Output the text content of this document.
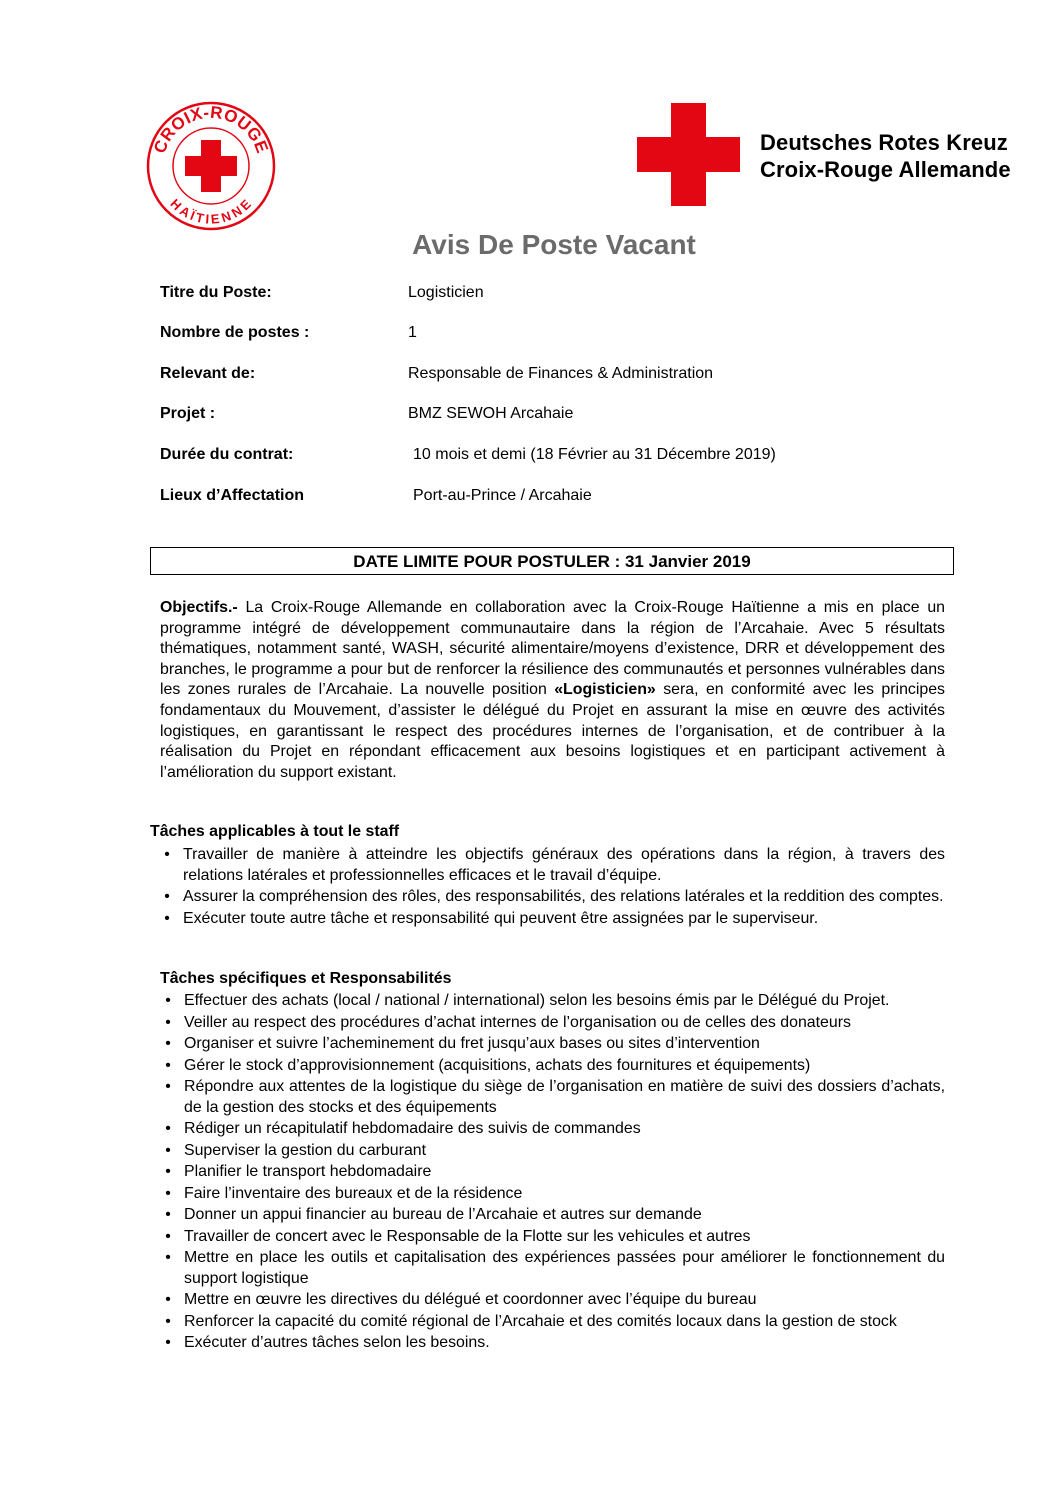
CROIX-ROUGE
HAÏTIENNE
Deutsches Rotes Kreuz
Croix-Rouge Allemande
Avis De Poste Vacant
Titre du Poste:	Logisticien
Nombre de postes :	1
Relevant de:	Responsable de Finances & Administration
Projet :	BMZ SEWOH Arcahaie
Durée du contrat:	10 mois et demi (18 Février au 31 Décembre 2019)
Lieux d’Affectation	Port-au-Prince / Arcahaie
DATE LIMITE POUR POSTULER : 31 Janvier 2019
Objectifs.- La Croix-Rouge Allemande en collaboration avec la Croix-Rouge Haïtienne a mis en place un programme intégré de développement communautaire dans la région de l’Arcahaie. Avec 5 résultats thématiques, notamment santé, WASH, sécurité alimentaire/moyens d’existence, DRR et développement des branches, le programme a pour but de renforcer la résilience des communautés et personnes vulnérables dans les zones rurales de l’Arcahaie. La nouvelle position «Logisticien» sera, en conformité avec les principes fondamentaux du Mouvement, d’assister le délégué du Projet en assurant la mise en œuvre des activités logistiques, en garantissant le respect des procédures internes de l’organisation, et de contribuer à la réalisation du Projet en répondant efficacement aux besoins logistiques et en participant activement à l’amélioration du support existant.
Tâches applicables à tout le staff
• Travailler de manière à atteindre les objectifs généraux des opérations dans la région, à travers des relations latérales et professionnelles efficaces et le travail d’équipe.
• Assurer la compréhension des rôles, des responsabilités, des relations latérales et la reddition des comptes.
• Exécuter toute autre tâche et responsabilité qui peuvent être assignées par le superviseur.
Tâches spécifiques et Responsabilités
• Effectuer des achats (local / national / international) selon les besoins émis par le Délégué du Projet.
• Veiller au respect des procédures d’achat internes de l’organisation ou de celles des donateurs
• Organiser et suivre l’acheminement du fret jusqu’aux bases ou sites d’intervention
• Gérer le stock d’approvisionnement (acquisitions, achats des fournitures et équipements)
• Répondre aux attentes de la logistique du siège de l’organisation en matière de suivi des dossiers d’achats, de la gestion des stocks et des équipements
• Rédiger un récapitulatif hebdomadaire des suivis de commandes
• Superviser la gestion du carburant
• Planifier le transport hebdomadaire
• Faire l’inventaire des bureaux et de la résidence
• Donner un appui financier au bureau de l’Arcahaie et autres sur demande
• Travailler de concert avec le Responsable de la Flotte sur les vehicules et autres
• Mettre en place les outils et capitalisation des expériences passées pour améliorer le fonctionnement du support logistique
• Mettre en œuvre les directives du délégué et coordonner avec l’équipe du bureau
• Renforcer la capacité du comité régional de l’Arcahaie et des comités locaux dans la gestion de stock
• Exécuter d’autres tâches selon les besoins.
